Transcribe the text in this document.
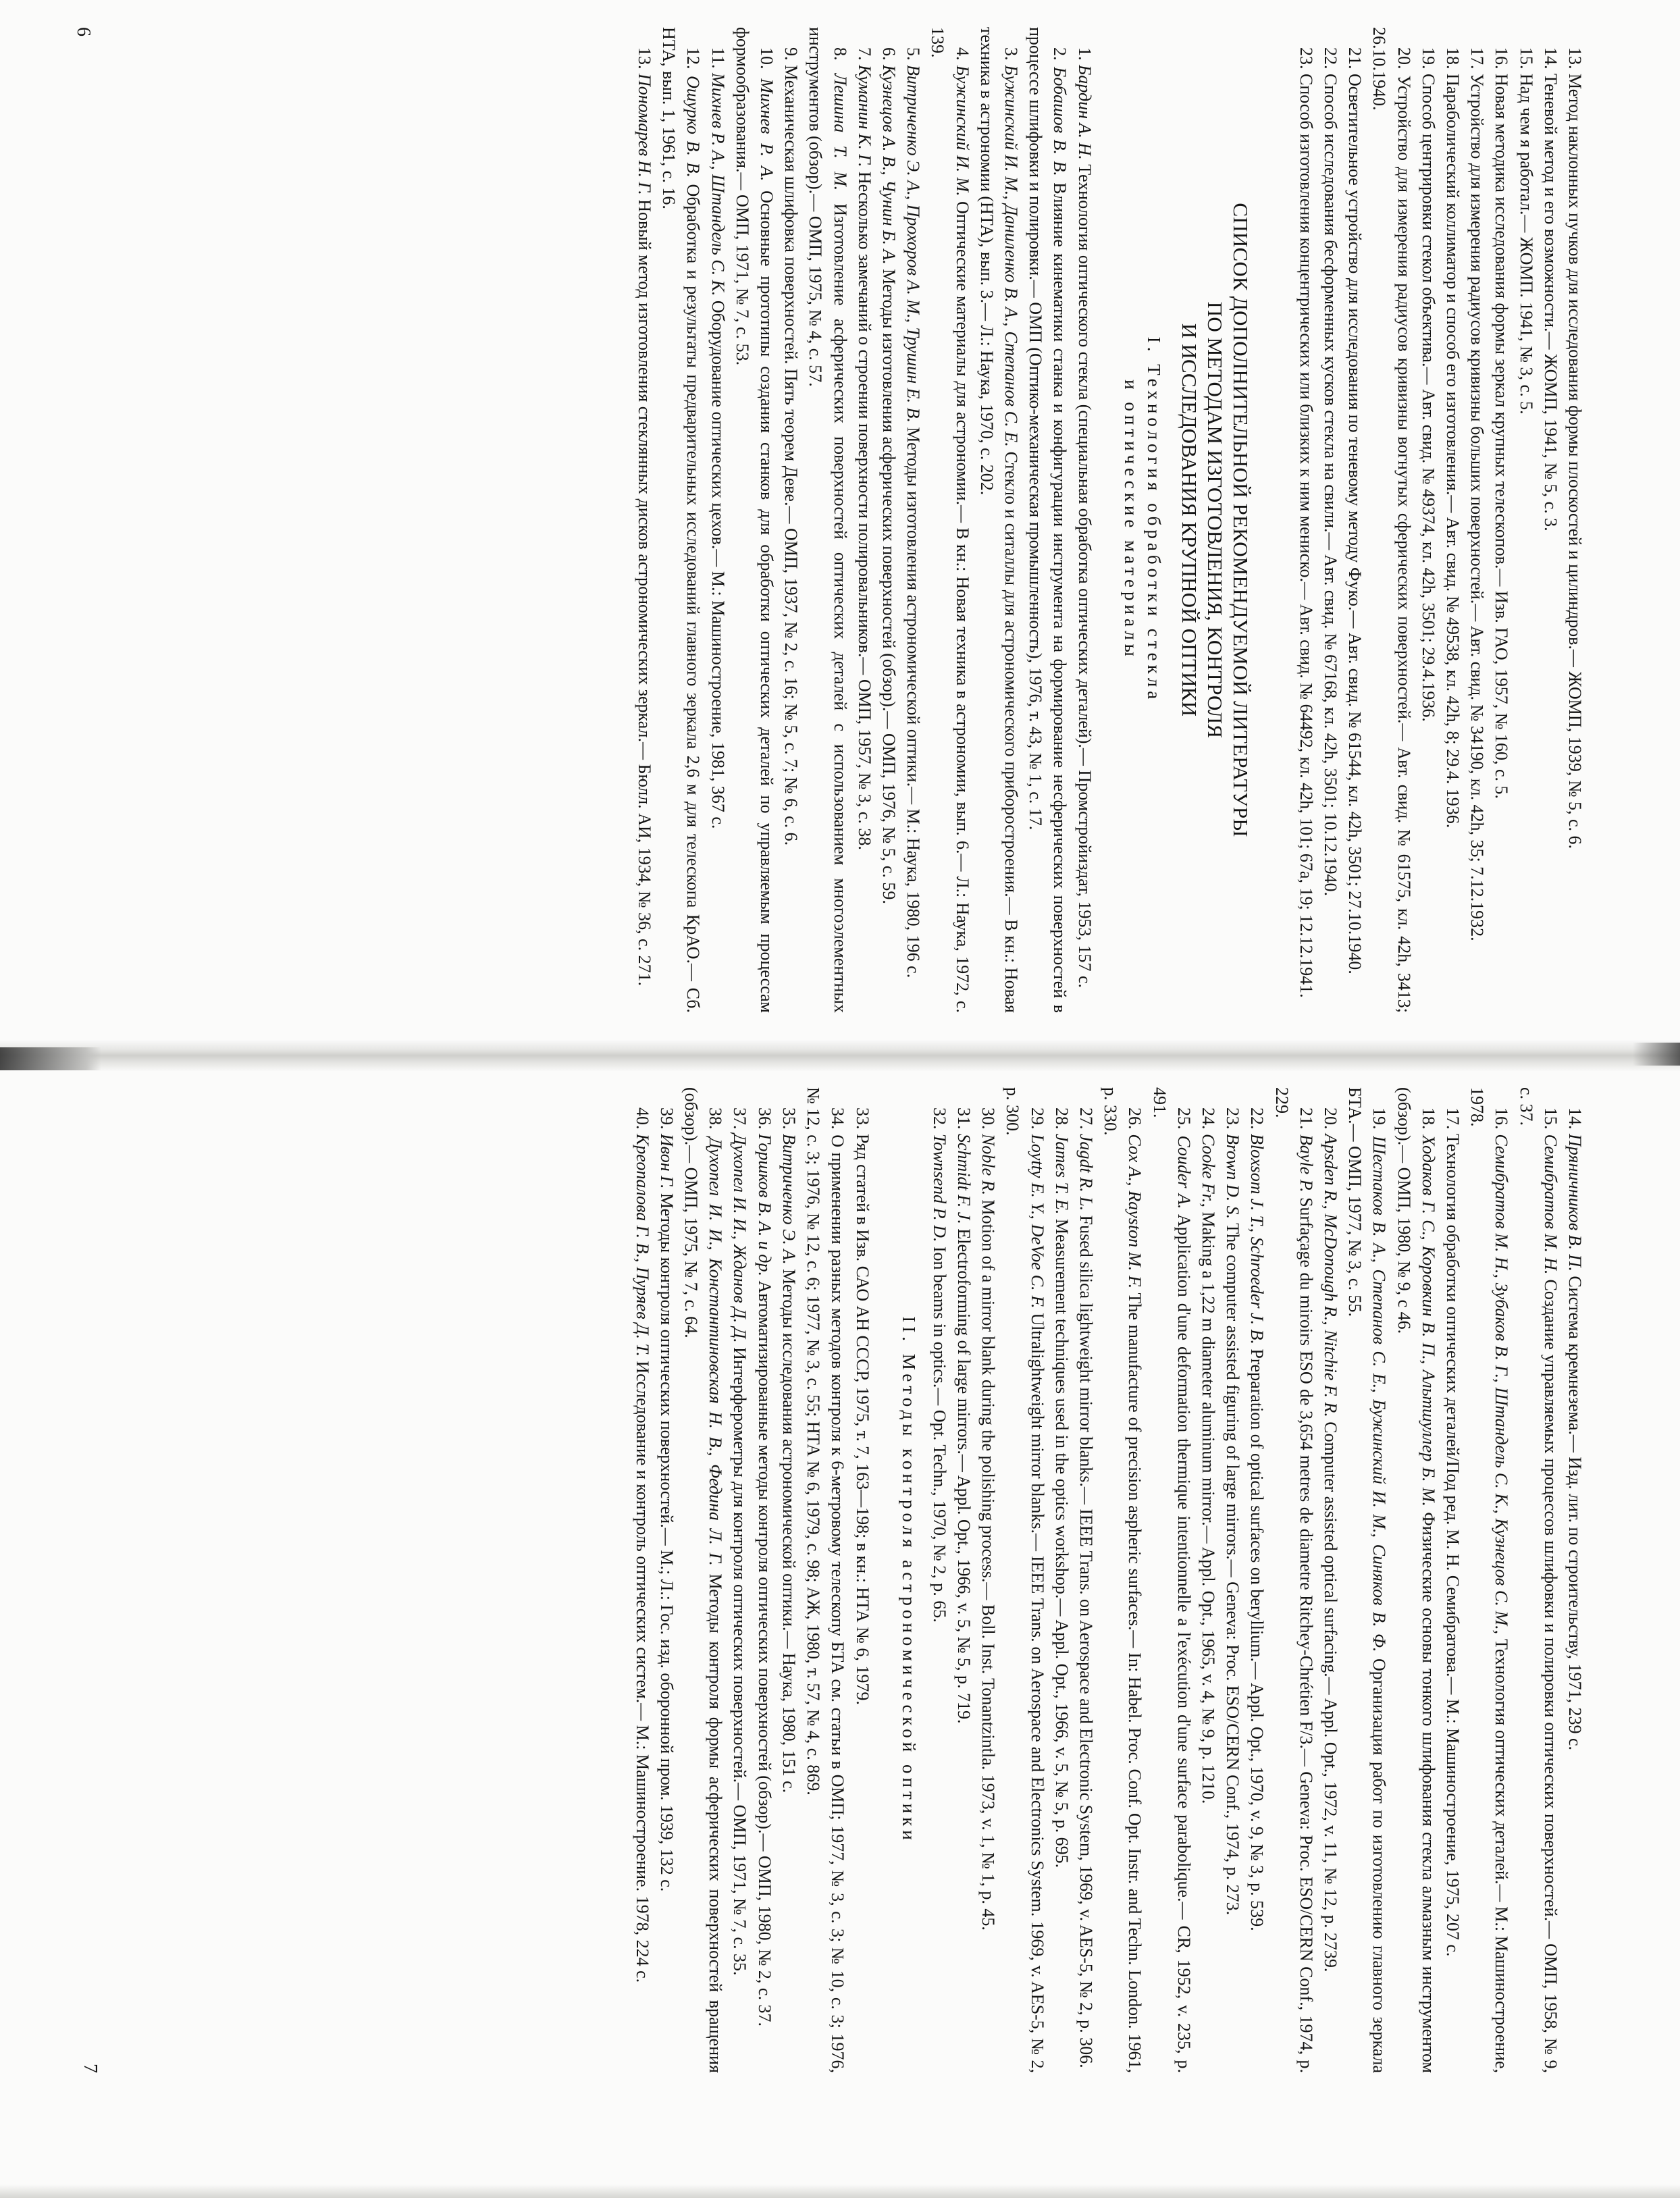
13. Метод наклонных пучков для исследования формы плоскостей и цилиндров.— ЖОМП, 1939, № 5, с. 6.

14. Теневой метод и его возможности.— ЖОМП, 1941, № 5, с. 3.

15. Над чем я работал.— ЖОМП. 1941, № 3, с. 5.

16. Новая методика исследования формы зеркал крупных телескопов.— Изв. ГАО, 1957, № 160, с. 5.

17. Устройство для измерения радиусов кривизны больших поверхностей.— Авт. свид. № 34190, кл. 42h, 35; 7.12.1932.

18. Параболический коллиматор и способ его изготовления.— Авт. свид. № 49538, кл. 42h, 8; 29.4. 1936.

19. Способ центрировки стекол объектива.— Авт. свид. № 49374, кл. 42h, 3501; 29.4.1936.

20. Устройство для измерения радиусов кривизны вогнутых сферических поверхностей.— Авт. свид. № 61575, кл. 42h, 3413; 26.10.1940.

21. Осветительное устройство для исследования по теневому методу Фуко.— Авт. свид. № 61544, кл. 42h, 3501; 27.10.1940.

22. Способ исследования бесформенных кусков стекла на свили.— Авт. свид. № 67168, кл. 42h, 3501; 10.12.1940.

23. Способ изготовления концентрических или близких к ним мениско.— Авт. свид. № 64492, кл. 42h, 101; 67a, 19; 12.12.1941.

СПИСОК ДОПОЛНИТЕЛЬНОЙ РЕКОМЕНДУЕМОЙ ЛИТЕРАТУРЫ
ПО МЕТОДАМ ИЗГОТОВЛЕНИЯ, КОНТРОЛЯ
И ИССЛЕДОВАНИЯ КРУПНОЙ ОПТИКИ
I. Технология обработки стекла
и оптические материалы

1. Бардин А. Н. Технология оптического стекла (специальная обработка оптических деталей).— Промстройиздат, 1953, 157 с.

2. Бобашов В. В. Влияние кинематики станка и конфигурации инструмента на формирование несферических поверхностей в процессе шлифовки и полировки.— ОМП (Оптико-механическая промышленность), 1976, т. 43, № 1, с. 17.

3. Бужинский И. М., Даниленко В. А., Степанов С. Е. Стекло и ситаллы для астрономического приборостроения.— В кн.: Новая техника в астрономии (НТА), вып. 3.— Л.: Наука, 1970, с. 202.

4. Бужинский И. М. Оптические материалы для астрономии.— В кн.: Новая техника в астрономии, вып. 6.— Л.: Наука, 1972, с. 139.

5. Витриченко Э. А., Прохоров А. М., Трушин Е. В. Методы изготовления астрономической оптики.— М.: Наука, 1980, 196 с.

6. Кузнецов А. В., Чунин Б. А. Методы изготовления асферических поверхностей (обзор).— ОМП, 1976, № 5, с. 59.

7. Куманин К. Г. Несколько замечаний о строении поверхности полировальников.— ОМП, 1957, № 3, с. 38.

8. Лешина Т. М. Изготовление асферических поверхностей оптических деталей с использованием многоэлементных инструментов (обзор).— ОМП, 1975, № 4, с. 57.

9. Механическая шлифовка поверхностей. Пять теорем Деве.— ОМП, 1937, № 2, с. 16; № 5, с. 7; № 6, с. 6.

10. Михнев Р. А. Основные прототипы создания станков для обработки оптических деталей по управляемым процессам формообразования.— ОМП, 1971, № 7, с. 53.

11. Михнев Р. А., Штандель С. К. Оборудование оптических цехов.— М.: Машиностроение, 1981, 367 с.

12. Ошурко В. В. Обработка и результаты предварительных исследований главного зеркала 2,6 м для телескопа КрАО.— Сб. НТА, вып. 1, 1961, с. 16.

13. Пономарев Н. Г. Новый метод изготовления стеклянных дисков астрономических зеркал.— Бюлл. АИ, 1934, № 36, с. 271.

6

14. Пряничников В. П. Система кремнезема.— Изд. лит. по строительству, 1971, 239 с.

15. Семибратов М. Н. Создание управляемых процессов шлифовки и полировки оптических поверхностей.— ОМП, 1958, № 9, с. 37.

16. Семибратов М. Н., Зубаков В. Г., Штандель С. К., Кузнецов С. М., Технология оптических деталей.— М.: Машиностроение, 1978.

17. Технология обработки оптических деталей/Под ред. М. Н. Семибратова.— М.: Машиностроение, 1975, 207 с.

18. Ходаков Г. С., Коровкин В. П., Альтшуллер Б. М. Физические основы тонкого шлифования стекла алмазным инструментом (обзор).— ОМП, 1980, № 9, с 46.

19. Шестаков В. А., Степанов С. Е., Бужинский И. М., Синяков В. Ф. Организация работ по изготовлению главного зеркала БТА.— ОМП, 1977, № 3, с. 55.

20. Apsden R., McDonough R., Nitchie F. R. Computer assisted optical surfacing.— Appl. Opt., 1972, v. 11, № 12, p. 2739.

21. Bayle P. Surfaçage du miroirs ESO de 3,654 metres de diametre Ritchey-Chrétien F/3.— Geneva: Proc. ESO/CERN Conf., 1974, p. 229.

22. Bloxsom J. T., Schroeder J. B. Preparation of optical surfaces on beryllium.— Appl. Opt., 1970, v. 9, № 3, p. 539.

23. Brown D. S. The computer assisted figuring of large mirrors.— Geneva: Proc. ESO/CERN Conf., 1974, p. 273.

24. Cooke Fr., Making a 1,22 m diameter aluminum mirror.— Appl. Opt., 1965, v. 4, № 9, p. 1210.

25. Couder A. Application d'une deformation thermique intentionnelle a l'exécution d'une surface parabolique.— CR, 1952, v. 235, p. 491.

26. Cox A., Rayston M. F. The manufacture of precision aspheric surfaces.— In: Habel. Proc. Conf. Opt. Instr. and Techn. London. 1961, p. 330.

27. Jagdt R. L. Fused silica lightweight mirror blanks.— IEEE Trans. on Aerospace and Electronic System, 1969, v. AES-5, № 2, p. 306.

28. James T. E. Measurement techniques used in the optics workshop.— Appl. Opt., 1966, v. 5, № 5, p. 695.

29. Loytty E. Y., DeVoe C. F. Ultralightweight mirror blanks.— IEEE Trans. on Aerospace and Electronics System. 1969, v. AES-5, № 2, p. 300.

30. Noble R. Motion of a mirror blank during the polishing process.— Boll. Inst. Tonantzintla. 1973, v. 1, № 1, p. 45.

31. Schmidt F. J. Electroforming of large mirrors.— Appl. Opt., 1966, v. 5, № 5, p. 719.

32. Townsend P. D. Ion beams in optics.— Opt. Techn., 1970, № 2, p. 65.

II. Методы контроля астрономической оптики

33. Ряд статей в Изв. САО АН СССР, 1975, т. 7, 163—198; в кн.: НТА № 6, 1979.

34. О применении разных методов контроля к 6-метровому телескопу БТА см. статьи в ОМП; 1977, № 3, с. 3; № 10, с. 3; 1976, № 12, с. 3; 1976, № 12, с. 6; 1977, № 3, с. 55; НТА № 6, 1979, с. 98; АЖ, 1980, т. 57, № 4, с. 869.

35. Витриченко Э. А. Методы исследования астрономической оптики.— Наука, 1980, 151 с.

36. Горшков В. А. и др. Автоматизированные методы контроля оптических поверхностей (обзор).— ОМП, 1980, № 2, с. 37.

37. Духопел И. И., Жданов Д. Д. Интерферометры для контроля оптических поверхностей.— ОМП, 1971, № 7, с. 35.

38. Духопел И. И., Константиновская Н. В., Федина Л. Г. Методы контроля формы асферических поверхностей вращения (обзор).— ОМП, 1975, № 7, с. 64.

39. Ивон Г. Методы контроля оптических поверхностей.— М.; Л.: Гос. изд. оборонной пром. 1939, 132 с.

40. Креопалова Г. В., Пуряев Д. Т. Исследование и контроль оптических систем.— М.: Машиностроение. 1978, 224 с.

7
